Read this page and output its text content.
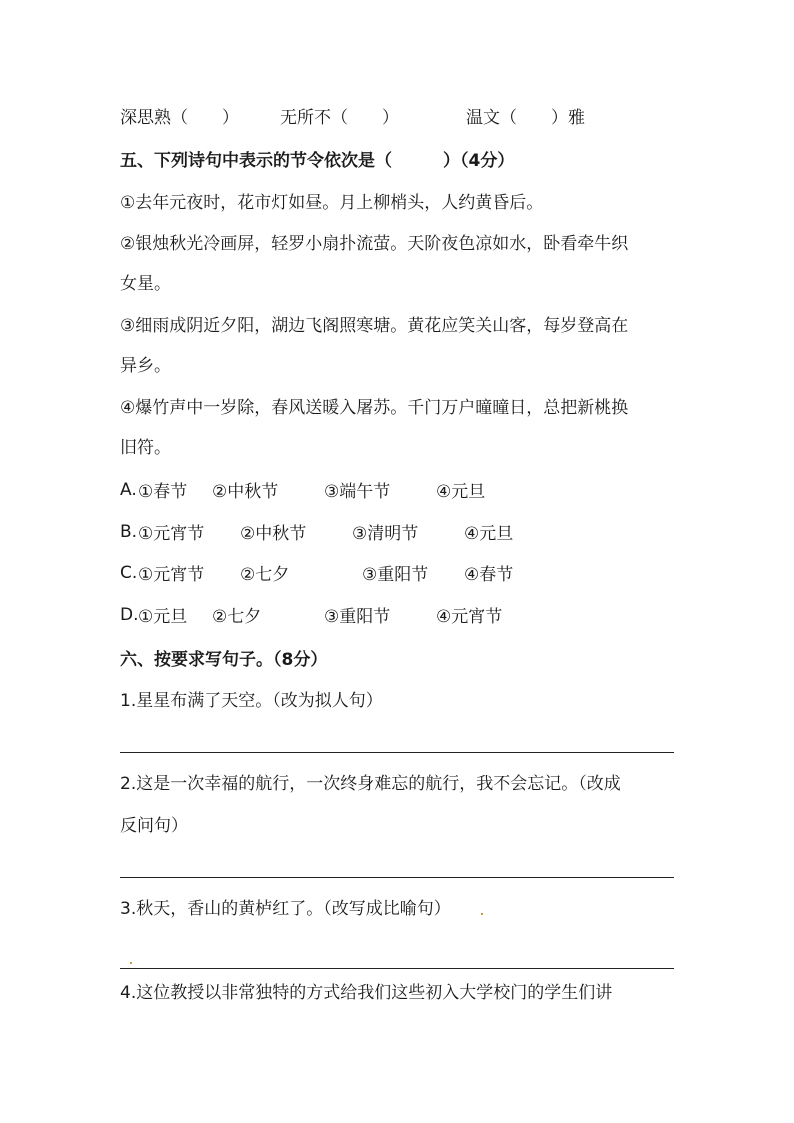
深思熟（　　） 无所不（　　）	温文（　　）雅
五、下列诗句中表示的节令依次是（　　　）（4分）
①去年元夜时，花市灯如昼。月上柳梢头，人约黄昏后。
②银烛秋光冷画屏，轻罗小扇扑流萤。天阶夜色凉如水，卧看牵牛织
女星。
③细雨成阴近夕阳，湖边飞阁照寒塘。黄花应笑关山客，每岁登高在
异乡。
④爆竹声中一岁除，春风送暖入屠苏。千门万户曈曈日，总把新桃换
旧符。
A. ①春节 ②中秋节	③端午节	④元旦
B. ①元宵节 ②中秋节	③清明节	④元旦
C. ①元宵节 ②七夕	③重阳节 ④春节
D. ①元旦 ②七夕	③重阳节	④元宵节
六、按要求写句子。（8分）
1.星星布满了天空。（改为拟人句）
2.这是一次幸福的航行，一次终身难忘的航行，我不会忘记。（改成
反问句）
3.秋天，香山的黄栌红了。（改写成比喻句）
4.这位教授以非常独特的方式给我们这些初入大学校门的学生们讲
